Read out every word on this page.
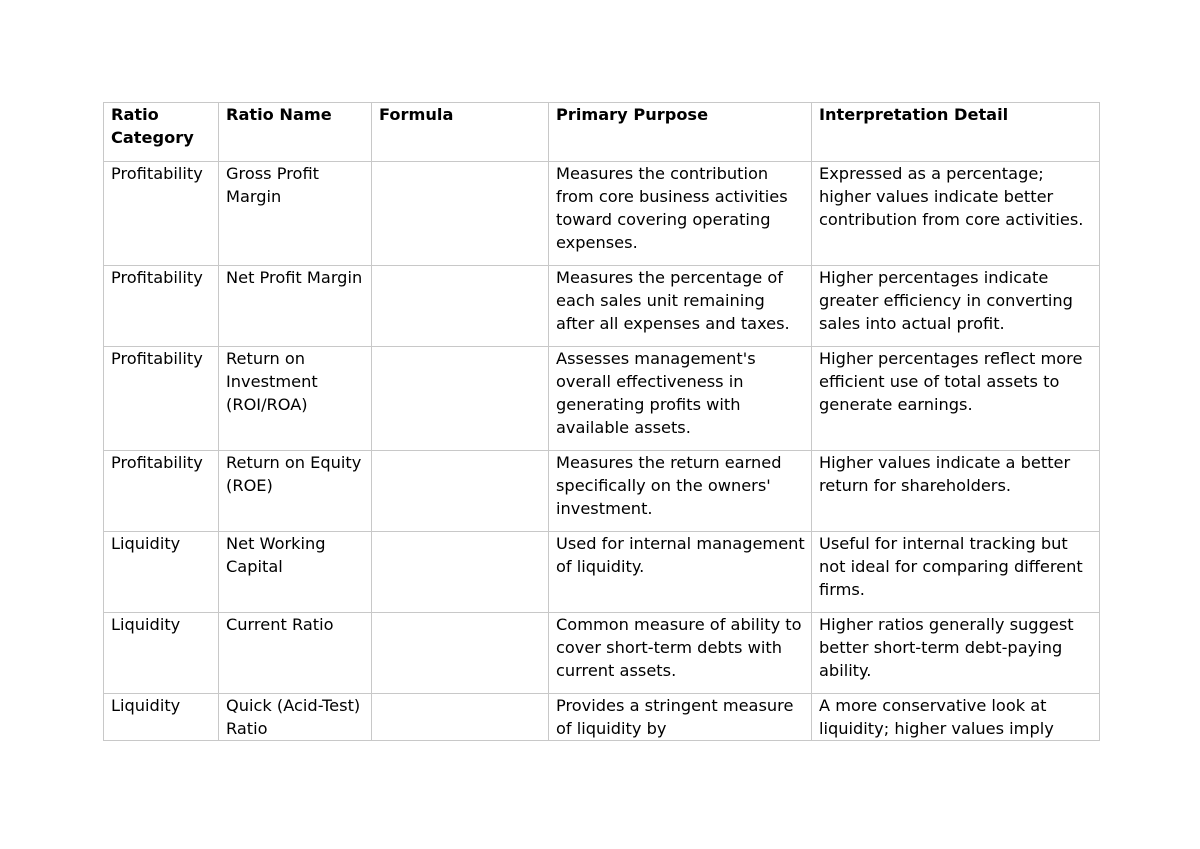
Ratio Category	Ratio Name	Formula	Primary Purpose	Interpretation Detail
Profitability	Gross Profit Margin		Measures the contribution from core business activities toward covering operating expenses.	Expressed as a percentage; higher values indicate better contribution from core activities.
Profitability	Net Profit Margin		Measures the percentage of each sales unit remaining after all expenses and taxes.	Higher percentages indicate greater efficiency in converting sales into actual profit.
Profitability	Return on Investment (ROI/ROA)		Assesses management's overall effectiveness in generating profits with available assets.	Higher percentages reflect more efficient use of total assets to generate earnings.
Profitability	Return on Equity (ROE)		Measures the return earned specifically on the owners' investment.	Higher values indicate a better return for shareholders.
Liquidity	Net Working Capital		Used for internal management of liquidity.	Useful for internal tracking but not ideal for comparing different firms.
Liquidity	Current Ratio		Common measure of ability to cover short-term debts with current assets.	Higher ratios generally suggest better short-term debt-paying ability.
Liquidity	Quick (Acid-Test) Ratio		Provides a stringent measure of liquidity by	A more conservative look at liquidity; higher values imply
